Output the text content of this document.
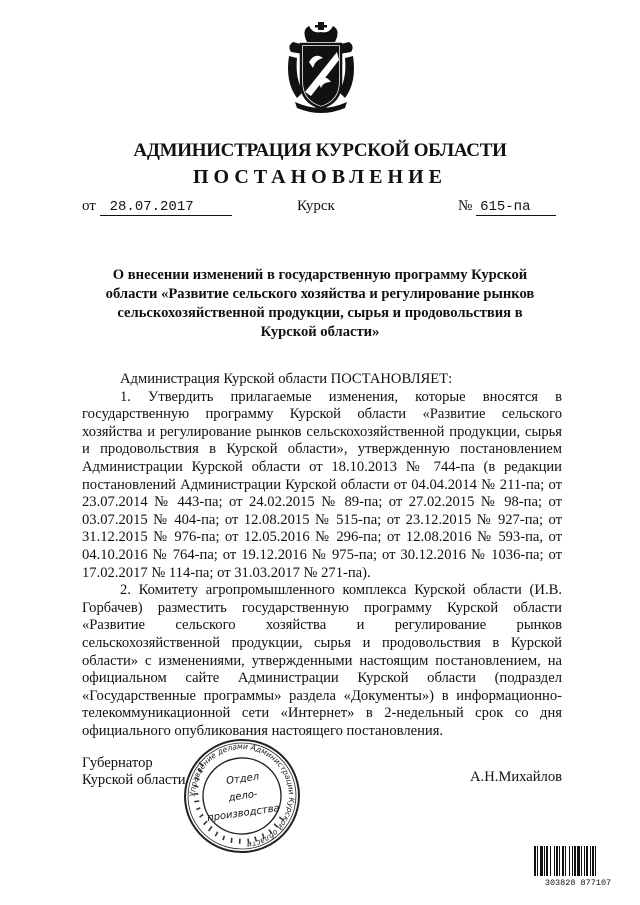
АДМИНИСТРАЦИЯ КУРСКОЙ ОБЛАСТИ
ПОСТАНОВЛЕНИЕ
от 28.07.2017	Курск	№ 615-па
О внесении изменений в государственную программу Курской области «Развитие сельского хозяйства и регулирование рынков сельскохозяйственной продукции, сырья и продовольствия в Курской области»

Администрация Курской области ПОСТАНОВЛЯЕТ:

1. Утвердить прилагаемые изменения, которые вносятся в государственную программу Курской области «Развитие сельского хозяйства и регулирование рынков сельскохозяйственной продукции, сырья и продовольствия в Курской области», утвержденную постановлением Администрации Курской области от 18.10.2013 № 744-па (в редакции постановлений Администрации Курской области от 04.04.2014 № 211-па; от 23.07.2014 № 443-па; от 24.02.2015 № 89-па; от 27.02.2015 № 98-па; от 03.07.2015 № 404-па; от 12.08.2015 № 515-па; от 23.12.2015 № 927-па; от 31.12.2015 № 976-па; от 12.05.2016 № 296-па; от 12.08.2016 № 593-па, от 04.10.2016 № 764-па; от 19.12.2016 № 975-па; от 30.12.2016 № 1036-па; от 17.02.2017 № 114-па; от 31.03.2017 № 271-па).

2. Комитету агропромышленного комплекса Курской области (И.В. Горбачев) разместить государственную программу Курской области «Развитие сельского хозяйства и регулирование рынков сельскохозяйственной продукции, сырья и продовольствия в Курской области» с изменениями, утвержденными настоящим постановлением, на официальном сайте Администрации Курской области (подраздел «Государственные программы» раздела «Документы») в информационно-телекоммуникационной сети «Интернет» в 2-недельный срок со дня официального опубликования настоящего постановления.

Губернатор
Курской области	А.Н.Михайлов
Управление делами Администрации Курской области
Отдел
дело-
производства
303828 877107
